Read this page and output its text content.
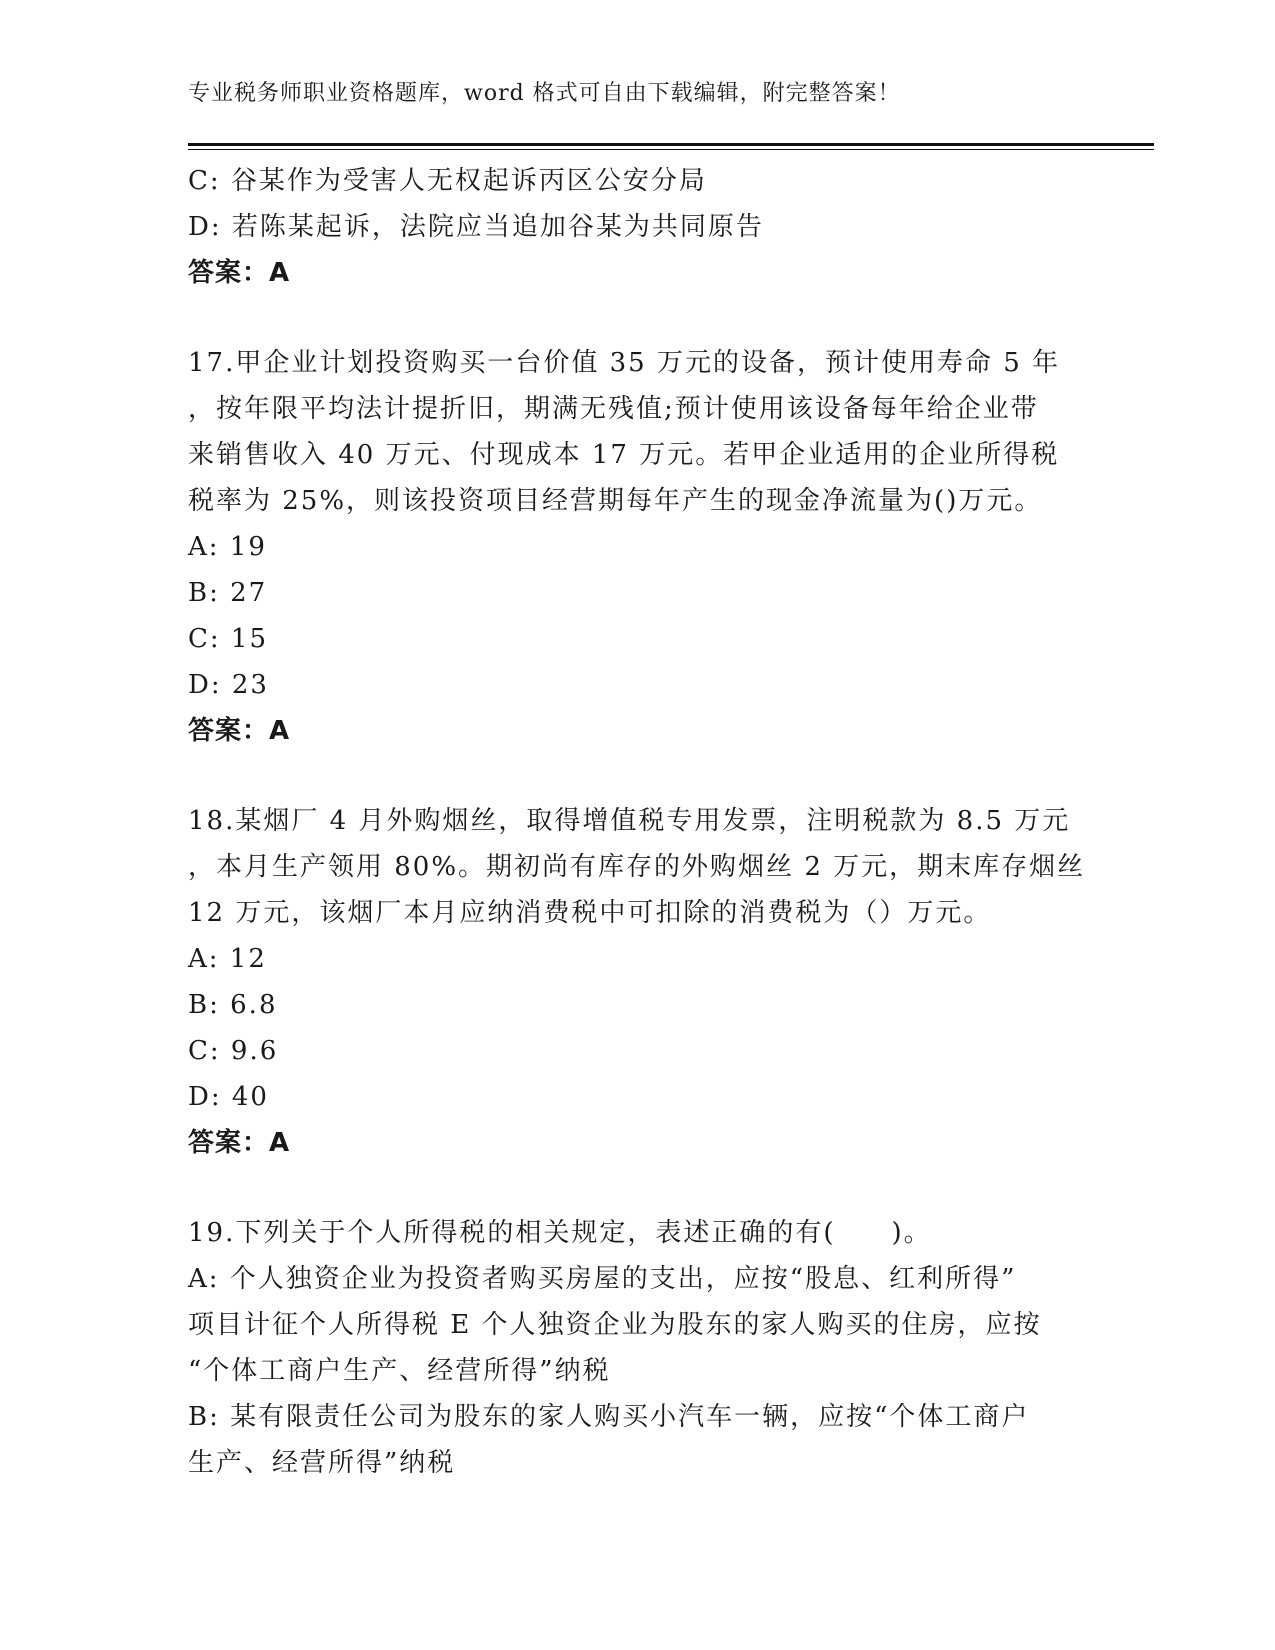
专业税务师职业资格题库，word 格式可自由下载编辑，附完整答案！
C: 谷某作为受害人无权起诉丙区公安分局
D: 若陈某起诉，法院应当追加谷某为共同原告
答案：A
17.甲企业计划投资购买一台价值 35 万元的设备，预计使用寿命 5 年
，按年限平均法计提折旧，期满无残值;预计使用该设备每年给企业带
来销售收入 40 万元、付现成本 17 万元。若甲企业适用的企业所得税
税率为 25%，则该投资项目经营期每年产生的现金净流量为()万元。
A: 19
B: 27
C: 15
D: 23
答案：A
18.某烟厂 4 月外购烟丝，取得增值税专用发票，注明税款为 8.5 万元
，本月生产领用 80%。期初尚有库存的外购烟丝 2 万元，期末库存烟丝
12 万元，该烟厂本月应纳消费税中可扣除的消费税为（）万元。
A: 12
B: 6.8
C: 9.6
D: 40
答案：A
19.下列关于个人所得税的相关规定，表述正确的有(　　)。
A: 个人独资企业为投资者购买房屋的支出，应按“股息、红利所得”
项目计征个人所得税 E 个人独资企业为股东的家人购买的住房，应按
“个体工商户生产、经营所得”纳税
B: 某有限责任公司为股东的家人购买小汽车一辆，应按“个体工商户
生产、经营所得”纳税
